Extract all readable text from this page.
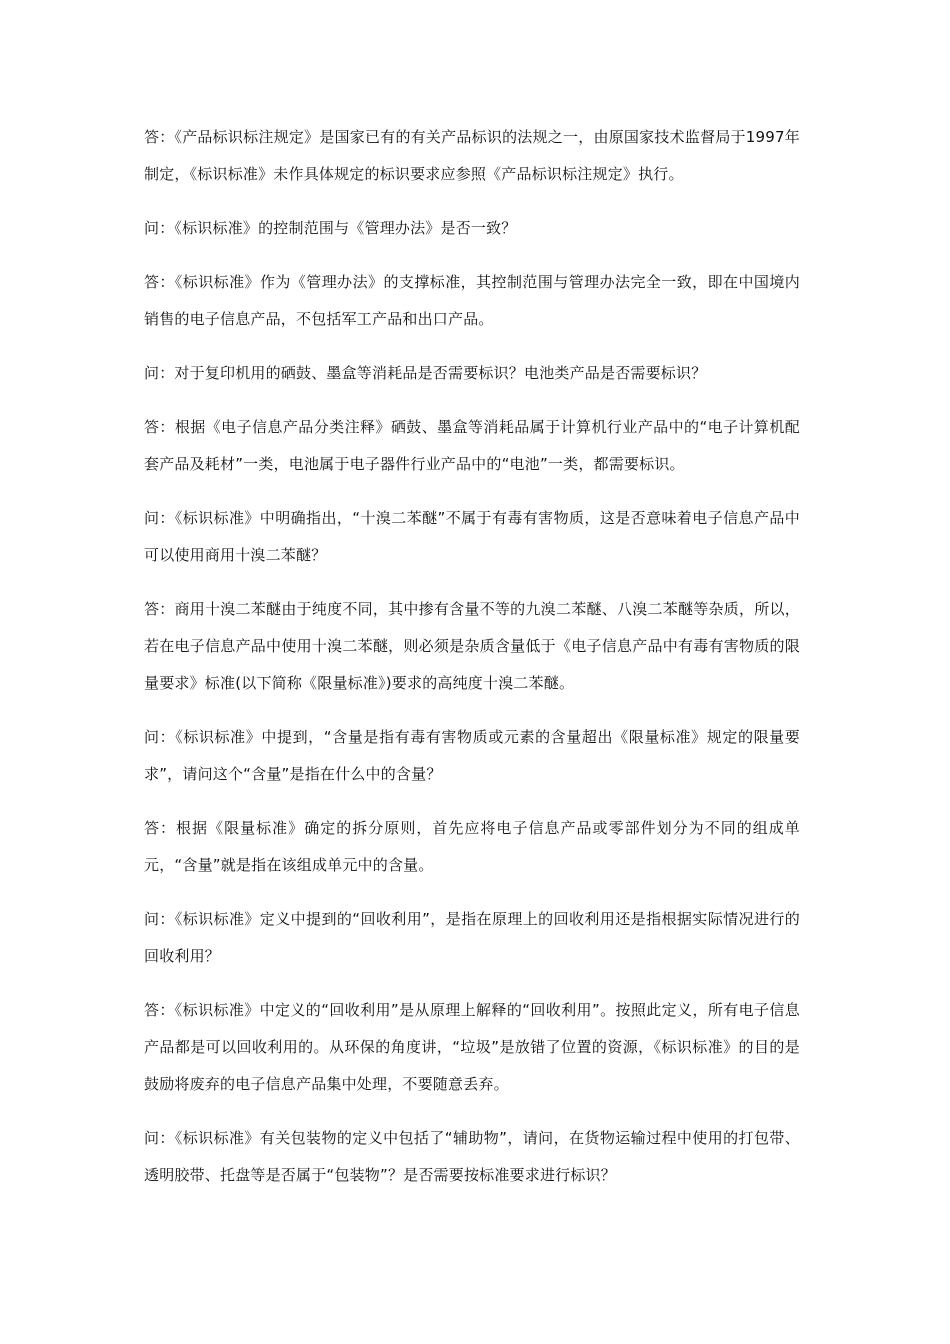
答：《产品标识标注规定》是国家已有的有关产品标识的法规之一，由原国家技术监督局于1997年制定，《标识标准》未作具体规定的标识要求应参照《产品标识标注规定》执行。

问：《标识标准》的控制范围与《管理办法》是否一致？

答：《标识标准》作为《管理办法》的支撑标准，其控制范围与管理办法完全一致，即在中国境内销售的电子信息产品，不包括军工产品和出口产品。

问：对于复印机用的硒鼓、墨盒等消耗品是否需要标识？电池类产品是否需要标识？

答：根据《电子信息产品分类注释》硒鼓、墨盒等消耗品属于计算机行业产品中的“电子计算机配套产品及耗材”一类，电池属于电子器件行业产品中的“电池”一类，都需要标识。

问：《标识标准》中明确指出，“十溴二苯醚”不属于有毒有害物质，这是否意味着电子信息产品中可以使用商用十溴二苯醚？

答：商用十溴二苯醚由于纯度不同，其中掺有含量不等的九溴二苯醚、八溴二苯醚等杂质，所以，若在电子信息产品中使用十溴二苯醚，则必须是杂质含量低于《电子信息产品中有毒有害物质的限量要求》标准(以下简称《限量标准》)要求的高纯度十溴二苯醚。

问：《标识标准》中提到，“含量是指有毒有害物质或元素的含量超出《限量标准》规定的限量要求”，请问这个“含量”是指在什么中的含量？

答：根据《限量标准》确定的拆分原则，首先应将电子信息产品或零部件划分为不同的组成单元，“含量”就是指在该组成单元中的含量。

问：《标识标准》定义中提到的“回收利用”，是指在原理上的回收利用还是指根据实际情况进行的回收利用？

答：《标识标准》中定义的“回收利用”是从原理上解释的“回收利用”。按照此定义，所有电子信息产品都是可以回收利用的。从环保的角度讲，“垃圾”是放错了位置的资源，《标识标准》的目的是鼓励将废弃的电子信息产品集中处理，不要随意丢弃。

问：《标识标准》有关包装物的定义中包括了“辅助物”，请问，在货物运输过程中使用的打包带、透明胶带、托盘等是否属于“包装物”？是否需要按标准要求进行标识？
